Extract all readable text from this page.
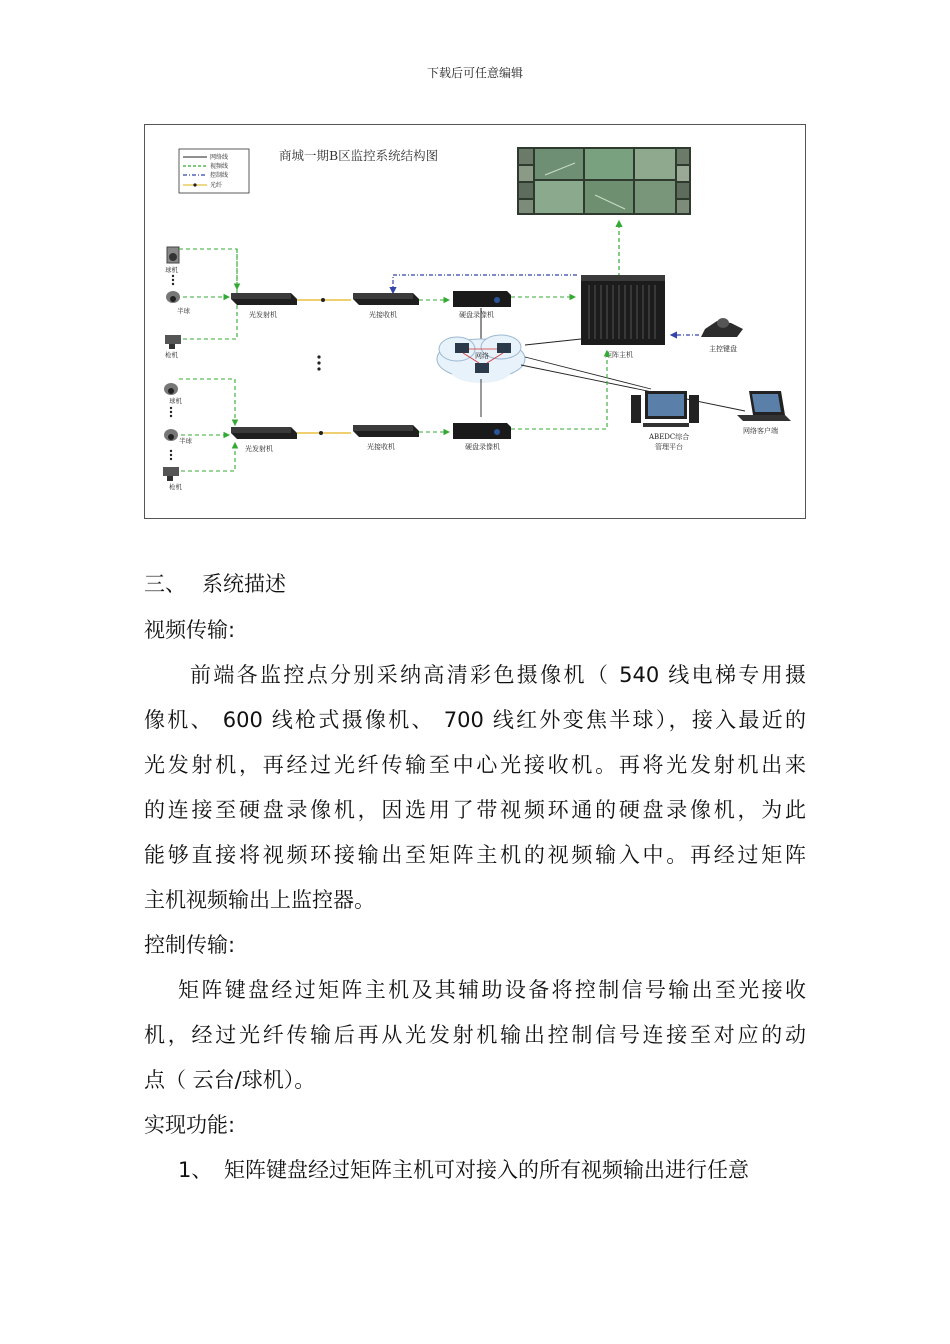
下载后可任意编辑
网络线
视频线
控制线
光纤
商城一期B区监控系统结构图
矩阵主机
主控键盘
球机
半球
枪机
光发射机	光接收机	硬盘录像机
网络
球机
半球
枪机
光发射机	光接收机	硬盘录像机
ABEDC综合
管理平台
网络客户端
三、 系统描述
视频传输:
前端各监控点分别采纳高清彩色摄像机（ 540 线电梯专用摄
像机、 600 线枪式摄像机、 700 线红外变焦半球），接入最近的
光发射机，再经过光纤传输至中心光接收机。再将光发射机出来
的连接至硬盘录像机，因选用了带视频环通的硬盘录像机，为此
能够直接将视频环接输出至矩阵主机的视频输入中。再经过矩阵
主机视频输出上监控器。
控制传输:
矩阵键盘经过矩阵主机及其辅助设备将控制信号输出至光接收
机，经过光纤传输后再从光发射机输出控制信号连接至对应的动
点（ 云台/球机）。
实现功能:
1、 矩阵键盘经过矩阵主机可对接入的所有视频输出进行任意
